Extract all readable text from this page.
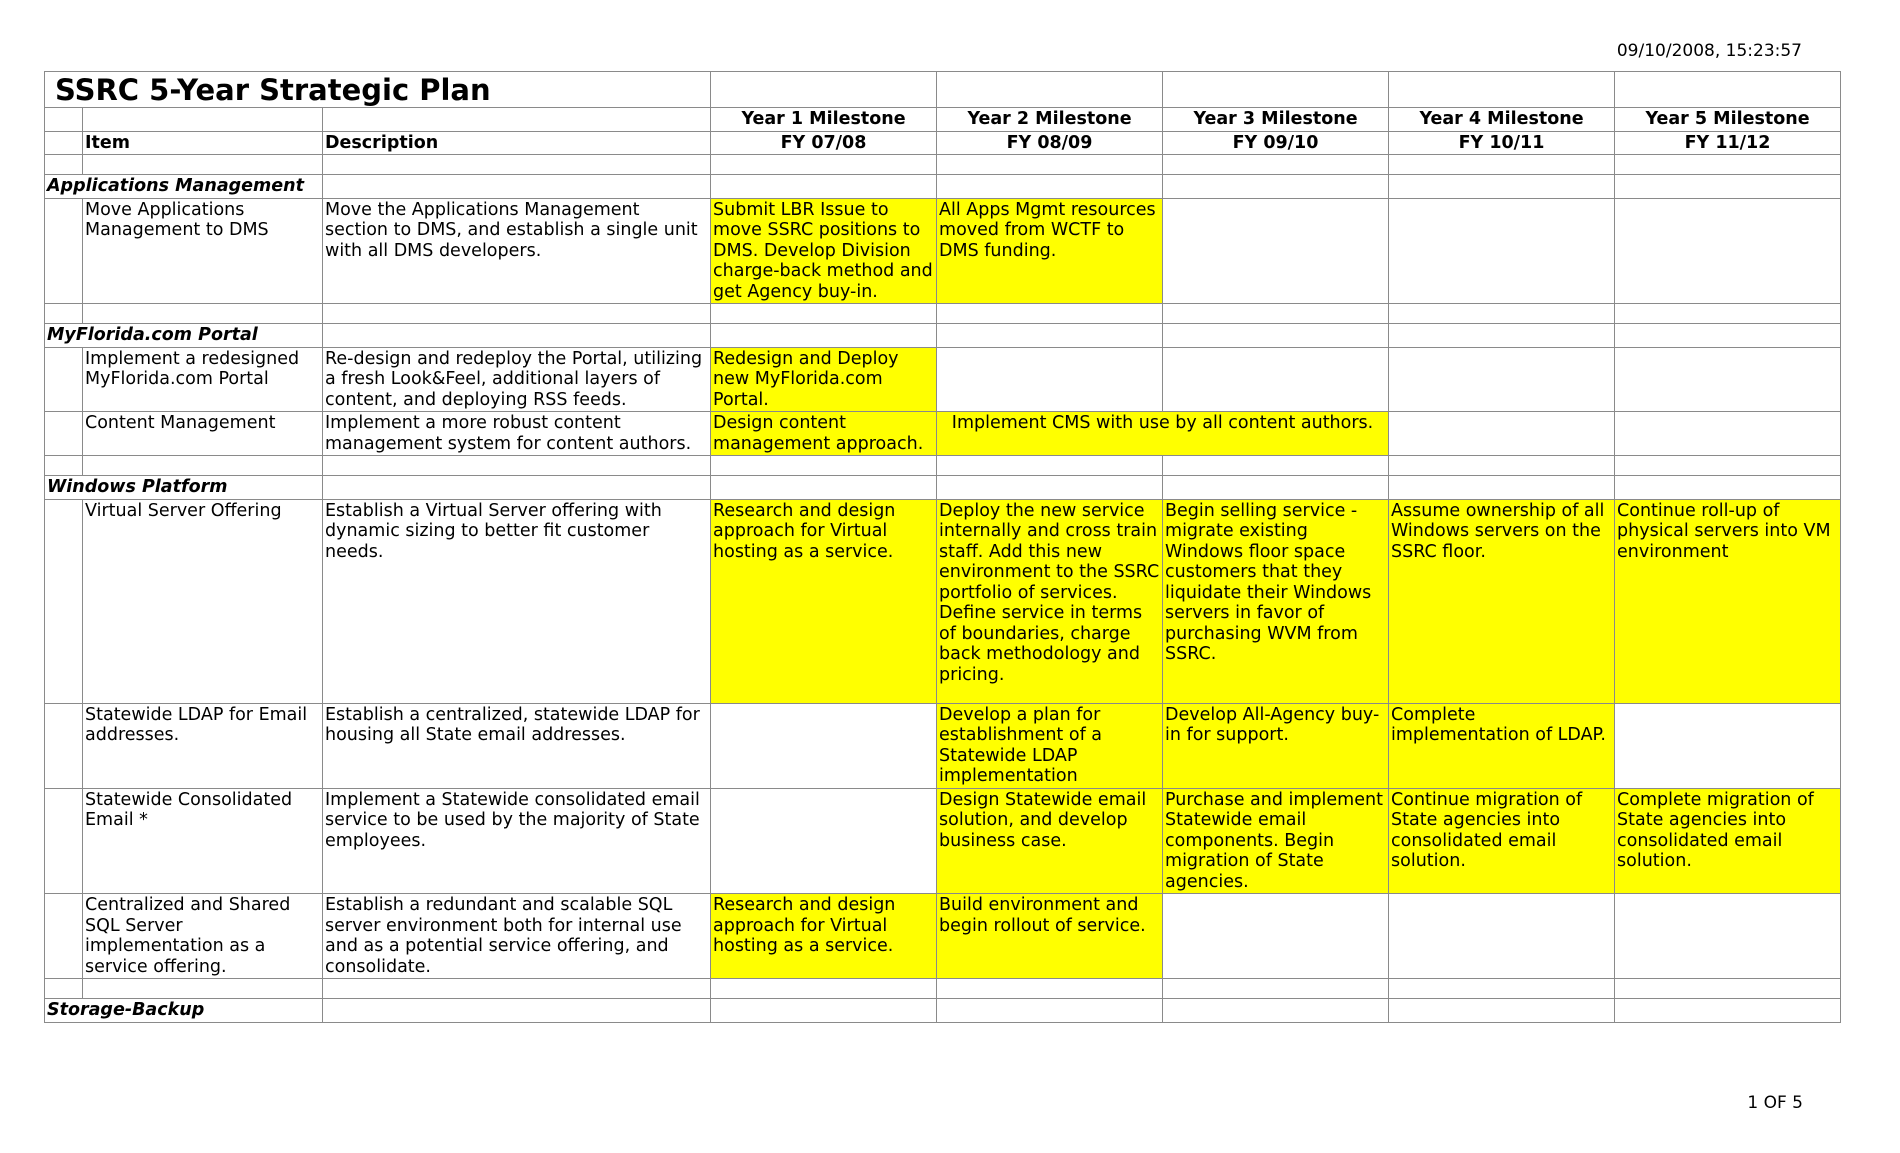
09/10/2008, 15:23:57
SSRC 5-Year Strategic Plan								
			Year 1 Milestone	Year 2 Milestone	Year 3 Milestone	Year 4 Milestone	Year 5 Milestone	
	Item	Description	FY 07/08	FY 08/09	FY 09/10	FY 10/11	FY 11/12	

Applications Management								
	Move Applications Management to DMS	Move the Applications Management section to DMS, and establish a single unit with all DMS developers.	Submit LBR Issue to move SSRC positions to DMS. Develop Division charge-back method and get Agency buy-in.	All Apps Mgmt resources moved from WCTF to DMS funding.				

MyFlorida.com Portal								
	Implement a redesigned MyFlorida.com Portal	Re-design and redeploy the Portal, utilizing a fresh Look&Feel, additional layers of content, and deploying RSS feeds.	Redesign and Deploy new MyFlorida.com Portal.					
	Content Management	Implement a more robust content management system for content authors.	Design content management approach.	Implement CMS with use by all content authors.				

Windows Platform								
	Virtual Server Offering	Establish a Virtual Server offering with dynamic sizing to better fit customer needs.	Research and design approach for Virtual hosting as a service.	Deploy the new service internally and cross train staff. Add this new environment to the SSRC portfolio of services. Define service in terms of boundaries, charge back methodology and pricing.	Begin selling service - migrate existing Windows floor space customers that they liquidate their Windows servers in favor of purchasing WVM from SSRC.	Assume ownership of all Windows servers on the SSRC floor.	Continue roll-up of physical servers into VM environment	
	Statewide LDAP for Email addresses.	Establish a centralized, statewide LDAP for housing all State email addresses.		Develop a plan for establishment of a Statewide LDAP implementation	Develop All-Agency buy-in for support.	Complete implementation of LDAP.		
	Statewide Consolidated Email *	Implement a Statewide consolidated email service to be used by the majority of State employees.		Design Statewide email solution, and develop business case.	Purchase and implement Statewide email components. Begin migration of State agencies.	Continue migration of State agencies into consolidated email solution.	Complete migration of State agencies into consolidated email solution.	
	Centralized and Shared SQL Server implementation as a service offering.	Establish a redundant and scalable SQL server environment both for internal use and as a potential service offering, and consolidate.	Research and design approach for Virtual hosting as a service.	Build environment and begin rollout of service.				

Storage-Backup								
1 OF 5
